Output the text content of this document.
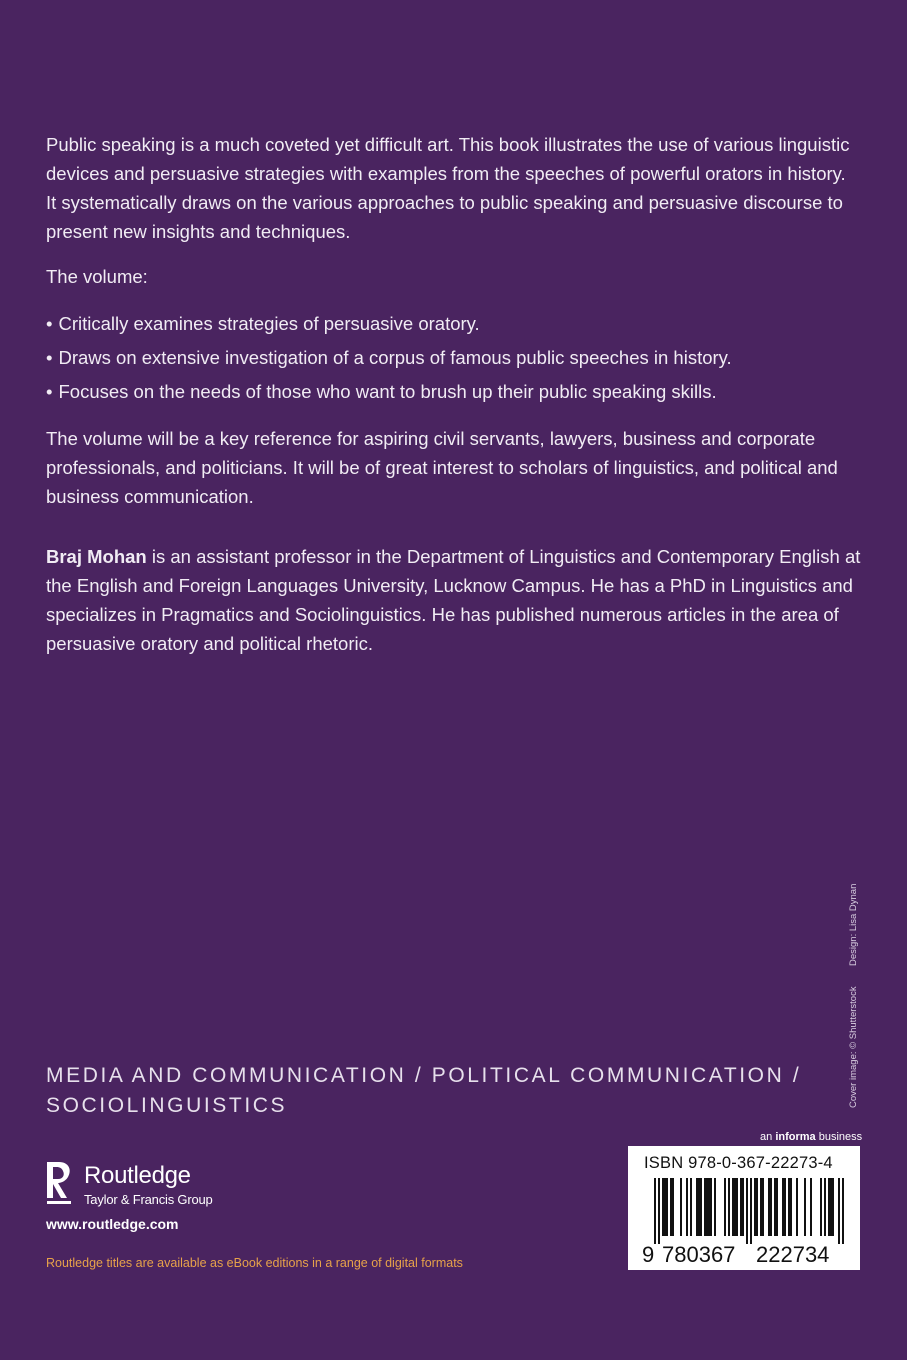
Public speaking is a much coveted yet difficult art. This book illustrates the use of various linguistic devices and persuasive strategies with examples from the speeches of powerful orators in history. It systematically draws on the various approaches to public speaking and persuasive discourse to present new insights and techniques.
The volume:
• Critically examines strategies of persuasive oratory.
• Draws on extensive investigation of a corpus of famous public speeches in history.
• Focuses on the needs of those who want to brush up their public speaking skills.
The volume will be a key reference for aspiring civil servants, lawyers, business and corporate professionals, and politicians. It will be of great interest to scholars of linguistics, and political and business communication.
Braj Mohan is an assistant professor in the Department of Linguistics and Contemporary English at the English and Foreign Languages University, Lucknow Campus. He has a PhD in Linguistics and specializes in Pragmatics and Sociolinguistics. He has published numerous articles in the area of persuasive oratory and political rhetoric.
MEDIA AND COMMUNICATION / POLITICAL COMMUNICATION / SOCIOLINGUISTICS
Design: Lisa Dynan
Cover image: © Shutterstock
Routledge
Taylor & Francis Group
www.routledge.com
Routledge titles are available as eBook editions in a range of digital formats
an informa business
ISBN 978-0-367-22273-4
9 780367 222734
